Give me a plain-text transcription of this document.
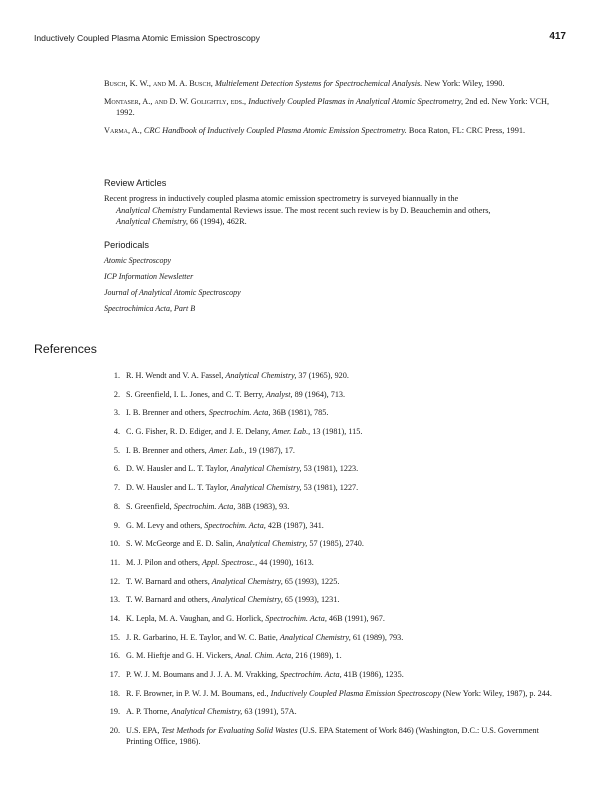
Inductively Coupled Plasma Atomic Emission Spectroscopy	417

Busch, K. W., and M. A. Busch, Multielement Detection Systems for Spectrochemical Analysis. New York: Wiley, 1990.

Montaser, A., and D. W. Golightly, eds., Inductively Coupled Plasmas in Analytical Atomic Spectrometry, 2nd ed. New York: VCH, 1992.

Varma, A., CRC Handbook of Inductively Coupled Plasma Atomic Emission Spectrometry. Boca Raton, FL: CRC Press, 1991.

Review Articles

Recent progress in inductively coupled plasma atomic emission spectrometry is surveyed biannually in the
Analytical Chemistry Fundamental Reviews issue. The most recent such review is by D. Beauchemin and others,
Analytical Chemistry, 66 (1994), 462R.

Periodicals

Atomic Spectroscopy

ICP Information Newsletter

Journal of Analytical Atomic Spectroscopy

Spectrochimica Acta, Part B

References
1. R. H. Wendt and V. A. Fassel, Analytical Chemistry, 37 (1965), 920.
2. S. Greenfield, I. L. Jones, and C. T. Berry, Analyst, 89 (1964), 713.
3. I. B. Brenner and others, Spectrochim. Acta, 36B (1981), 785.
4. C. G. Fisher, R. D. Ediger, and J. E. Delany, Amer. Lab., 13 (1981), 115.
5. I. B. Brenner and others, Amer. Lab., 19 (1987), 17.
6. D. W. Hausler and L. T. Taylor, Analytical Chemistry, 53 (1981), 1223.
7. D. W. Hausler and L. T. Taylor, Analytical Chemistry, 53 (1981), 1227.
8. S. Greenfield, Spectrochim. Acta, 38B (1983), 93.
9. G. M. Levy and others, Spectrochim. Acta, 42B (1987), 341.
10. S. W. McGeorge and E. D. Salin, Analytical Chemistry, 57 (1985), 2740.
11. M. J. Pilon and others, Appl. Spectrosc., 44 (1990), 1613.
12. T. W. Barnard and others, Analytical Chemistry, 65 (1993), 1225.
13. T. W. Barnard and others, Analytical Chemistry, 65 (1993), 1231.
14. K. Lepla, M. A. Vaughan, and G. Horlick, Spectrochim. Acta, 46B (1991), 967.
15. J. R. Garbarino, H. E. Taylor, and W. C. Batie, Analytical Chemistry, 61 (1989), 793.
16. G. M. Hieftje and G. H. Vickers, Anal. Chim. Acta, 216 (1989), 1.
17. P. W. J. M. Boumans and J. J. A. M. Vrakking, Spectrochim. Acta, 41B (1986), 1235.
18. R. F. Browner, in P. W. J. M. Boumans, ed., Inductively Coupled Plasma Emission Spectroscopy (New York: Wiley, 1987), p. 244.
19. A. P. Thorne, Analytical Chemistry, 63 (1991), 57A.
20. U.S. EPA, Test Methods for Evaluating Solid Wastes (U.S. EPA Statement of Work 846) (Washington, D.C.: U.S. Government Printing Office, 1986).
